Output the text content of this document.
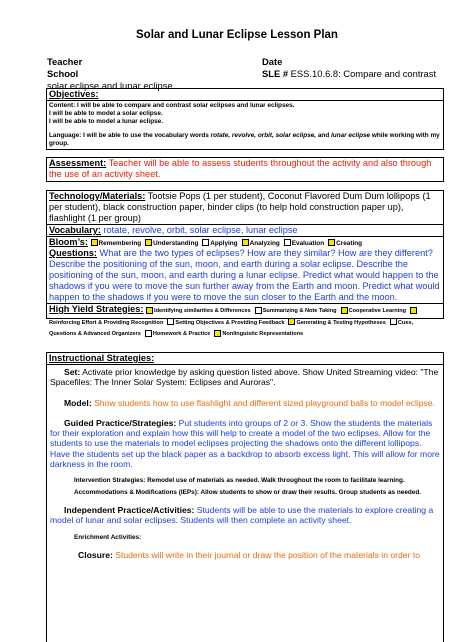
Solar and Lunar Eclipse Lesson Plan
Teacher
School
solar eclipse and lunar eclipse
Date
SLE # ESS.10.6.8: Compare and contrast
Objectives:

Content: I will be able to compare and contrast solar eclipses and lunar eclipses.

I will be able to model a solar eclipse.

I will be able to model a lunar eclipse.

Language: I will be able to use the vocabulary words rotate, revolve, orbit, solar eclipse, and lunar eclipse while working with my group.

Assessment: Teacher will be able to assess students throughout the activity and also through the use of an activity sheet.
Technology/Materials: Tootsie Pops (1 per student), Coconut Flavored Dum Dum lollipops (1 per student), black construction paper, binder clips (to help hold construction paper up), flashlight (1 per group)
Vocabulary: rotate, revolve, orbit, solar eclipse, lunar eclipse
Bloom’s: Remembering Understanding Applying Analyzing Evaluation Creating
Questions: What are the two types of eclipses? How are they similar? How are they different? Describe the positioning of the sun, moon, and earth during a solar eclipse. Describe the positioning of the sun, moon, and earth during a lunar eclipse. Predict what would happen to the shadows if you were to move the sun further away from the Earth and moon. Predict what would happen to the shadows if you were to move the sun closer to the Earth and the moon.
High Yield Strategies: Identifying similarities & Differences Summarizing & Note Taking Cooperative LearningReinforcing Effort & Providing Recognition Setting Objectives & Providing Feedback Generating & Testing Hypotheses Cues, Questions & Advanced Organizers Homework & Practice Nonlinguistic Representations
Instructional Strategies:

Set: Activate prior knowledge by asking question listed above. Show United Streaming video: "The Spacefiles: The Inner Solar System: Eclipses and Auroras".

Model: Show students how to use flashlight and different sized playground balls to model eclipse.

Guided Practice/Strategies: Put students into groups of 2 or 3. Show the students the materials for their exploration and explain how this will help to create a model of the two eclipses. Allow for the students to use the materials to model eclipses projecting the shadows onto the different lollipops. Have the students set up the black paper as a backdrop to absorb excess light. This will allow for more darkness in the room.

Intervention Strategies: Remodel use of materials as needed. Walk throughout the room to facilitate learning.

Accommodations & Modifications (IEPs): Allow students to show or draw their results. Group students as needed.

Independent Practice/Activities: Students will be able to use the materials to explore creating a model of lunar and solar eclipses. Students will then complete an activity sheet.

Enrichment Activities:

Closure: Students will write in their journal or draw the position of the materials in order to
